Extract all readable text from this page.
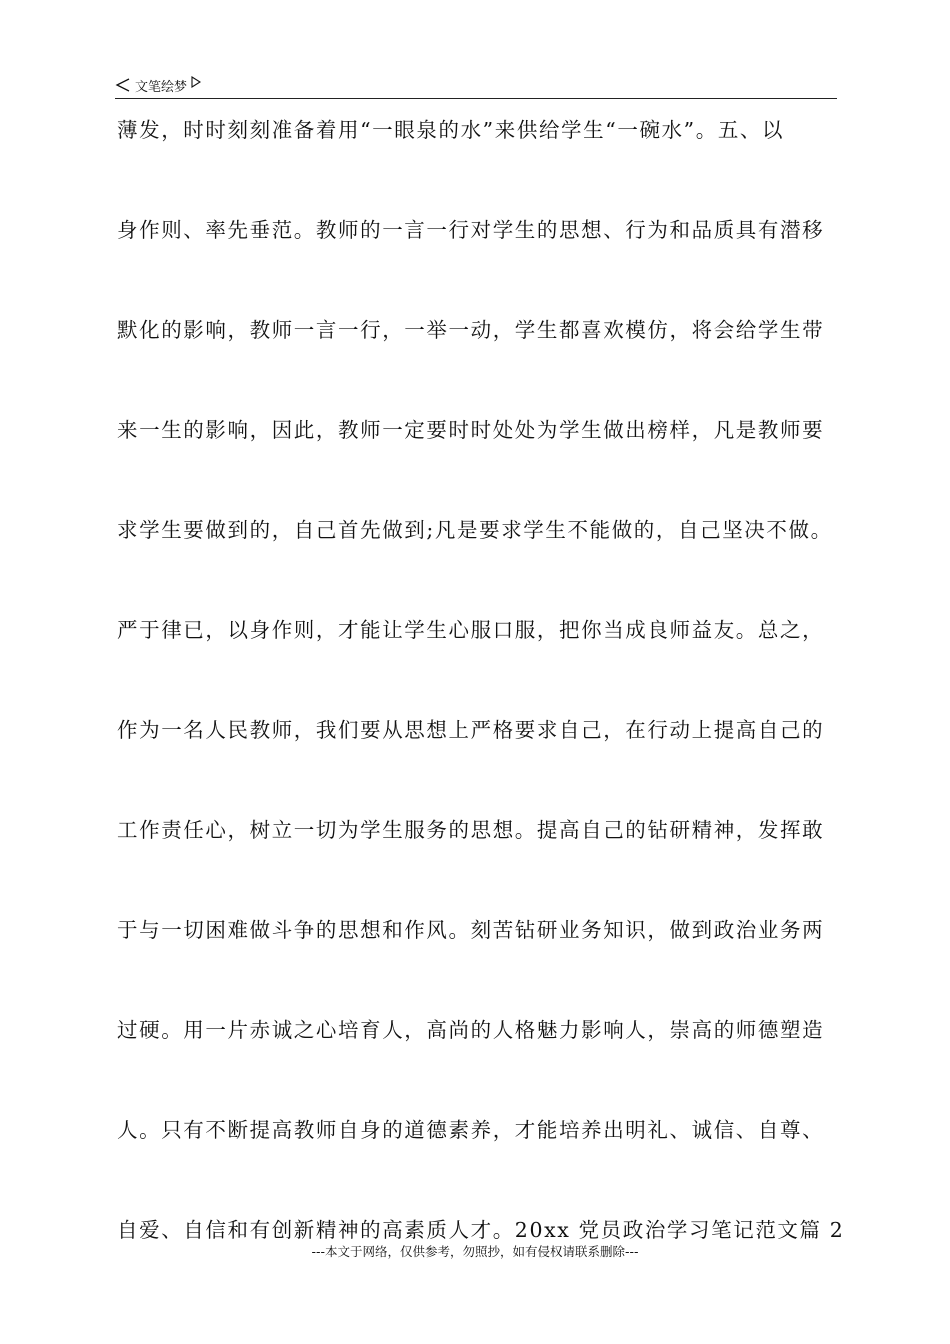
文笔绘梦
薄发，时时刻刻准备着用“一眼泉的水”来供给学生“一碗水”。五、以
身作则、率先垂范。教师的一言一行对学生的思想、行为和品质具有潜移
默化的影响，教师一言一行，一举一动，学生都喜欢模仿，将会给学生带
来一生的影响，因此，教师一定要时时处处为学生做出榜样，凡是教师要
求学生要做到的，自己首先做到;凡是要求学生不能做的，自己坚决不做。
严于律已，以身作则，才能让学生心服口服，把你当成良师益友。总之，
作为一名人民教师，我们要从思想上严格要求自己，在行动上提高自己的
工作责任心，树立一切为学生服务的思想。提高自己的钻研精神，发挥敢
于与一切困难做斗争的思想和作风。刻苦钻研业务知识，做到政治业务两
过硬。用一片赤诚之心培育人，高尚的人格魅力影响人，崇高的师德塑造
人。只有不断提高教师自身的道德素养，才能培养出明礼、诚信、自尊、
自爱、自信和有创新精神的高素质人才。20xx 党员政治学习笔记范文篇 2
---本文于网络，仅供参考，勿照抄，如有侵权请联系删除---
